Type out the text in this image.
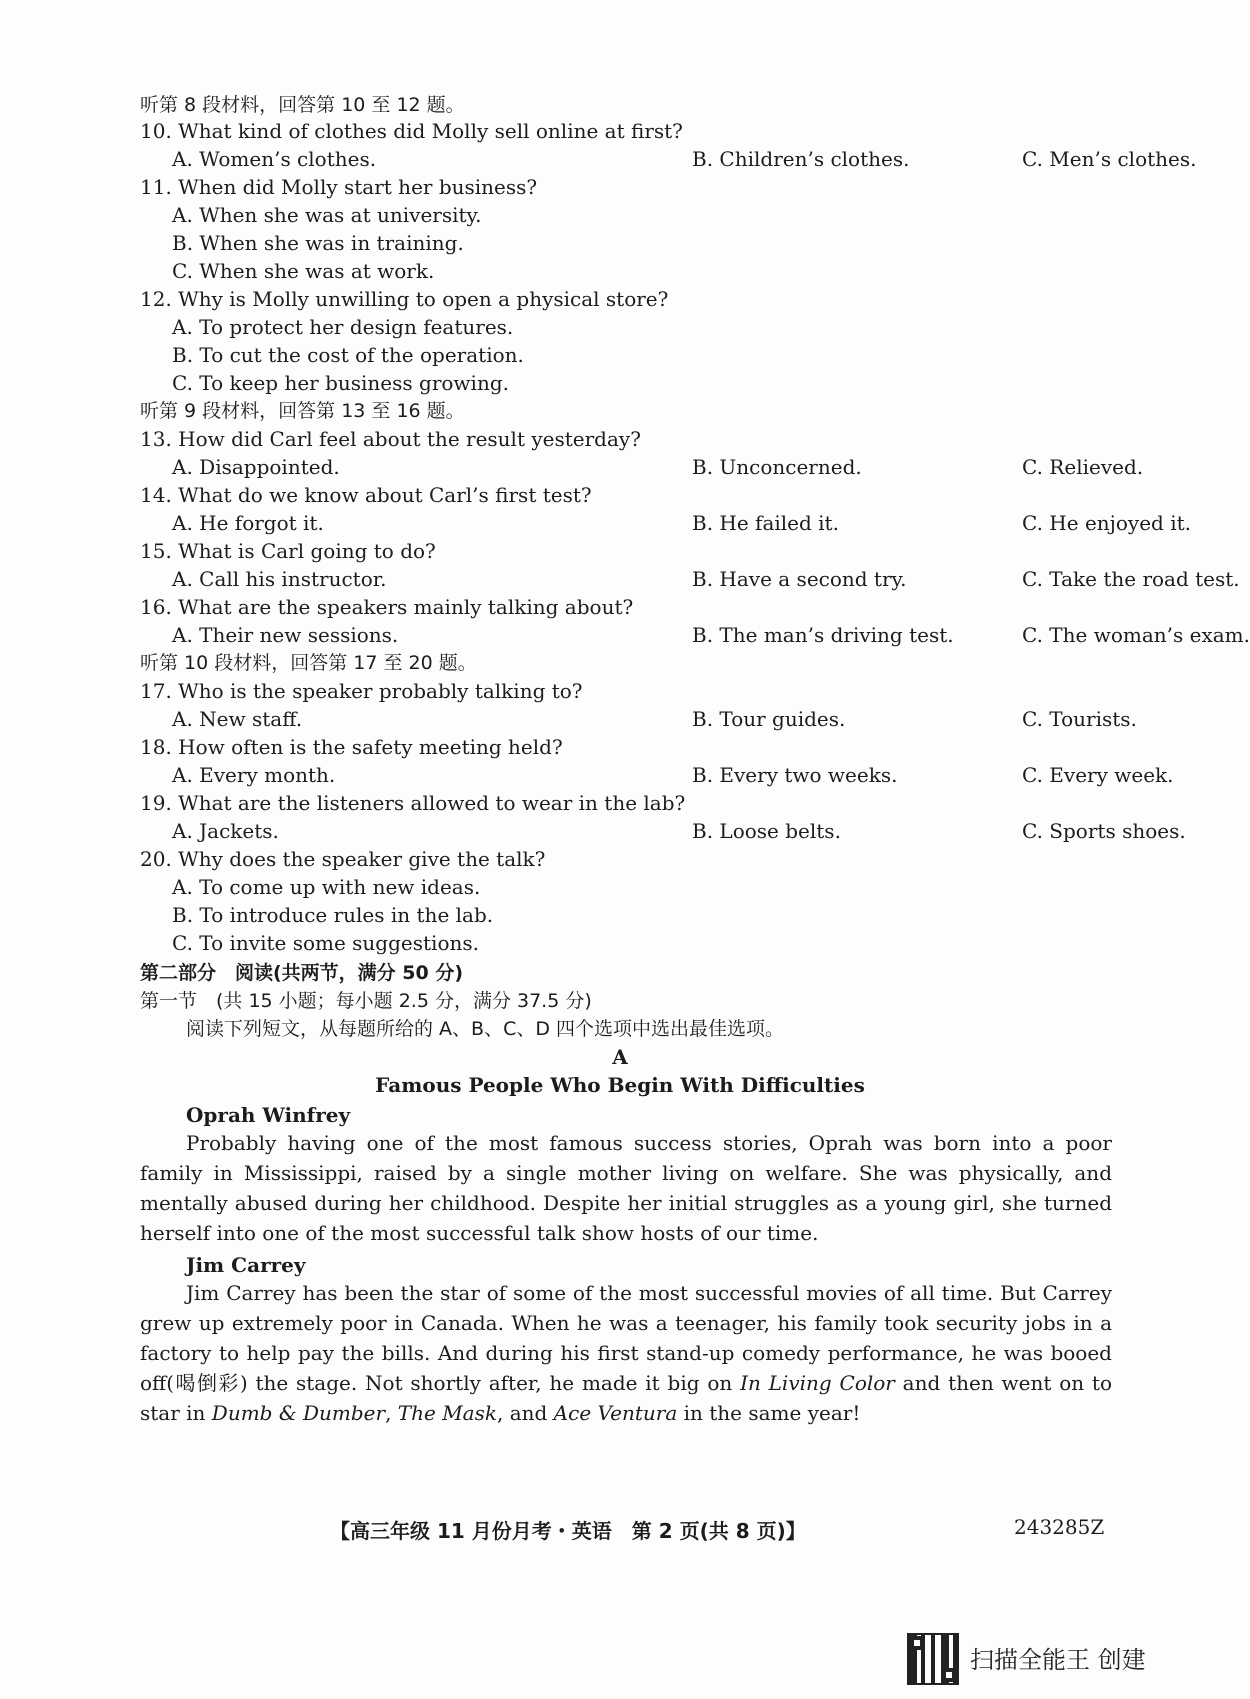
听第 8 段材料，回答第 10 至 12 题。
10. What kind of clothes did Molly sell online at first?
A. Women’s clothes.	B. Children’s clothes.	C. Men’s clothes.
11. When did Molly start her business?
A. When she was at university.
B. When she was in training.
C. When she was at work.
12. Why is Molly unwilling to open a physical store?
A. To protect her design features.
B. To cut the cost of the operation.
C. To keep her business growing.
听第 9 段材料，回答第 13 至 16 题。
13. How did Carl feel about the result yesterday?
A. Disappointed.	B. Unconcerned.	C. Relieved.
14. What do we know about Carl’s first test?
A. He forgot it.	B. He failed it.	C. He enjoyed it.
15. What is Carl going to do?
A. Call his instructor.	B. Have a second try.	C. Take the road test.
16. What are the speakers mainly talking about?
A. Their new sessions.	B. The man’s driving test.	C. The woman’s exam.
听第 10 段材料，回答第 17 至 20 题。
17. Who is the speaker probably talking to?
A. New staff.	B. Tour guides.	C. Tourists.
18. How often is the safety meeting held?
A. Every month.	B. Every two weeks.	C. Every week.
19. What are the listeners allowed to wear in the lab?
A. Jackets.	B. Loose belts.	C. Sports shoes.
20. Why does the speaker give the talk?
A. To come up with new ideas.
B. To introduce rules in the lab.
C. To invite some suggestions.
第二部分　阅读(共两节，满分 50 分)
第一节　(共 15 小题；每小题 2.5 分，满分 37.5 分)
阅读下列短文，从每题所给的 A、B、C、D 四个选项中选出最佳选项。
A
Famous People Who Begin With Difficulties
Oprah Winfrey

Probably having one of the most famous success stories, Oprah was born into a poor family in Mississippi, raised by a single mother living on welfare. She was physically, and mentally abused during her childhood. Despite her initial struggles as a young girl, she turned herself into one of the most successful talk show hosts of our time.

Jim Carrey

Jim Carrey has been the star of some of the most successful movies of all time. But Carrey grew up extremely poor in Canada. When he was a teenager, his family took security jobs in a factory to help pay the bills. And during his first stand-up comedy performance, he was booed off(喝倒彩) the stage. Not shortly after, he made it big on In Living Color and then went on to star in Dumb & Dumber, The Mask, and Ace Ventura in the same year!

【高三年级 11 月份月考・英语　第 2 页(共 8 页)】	243285Z
扫描全能王 创建
